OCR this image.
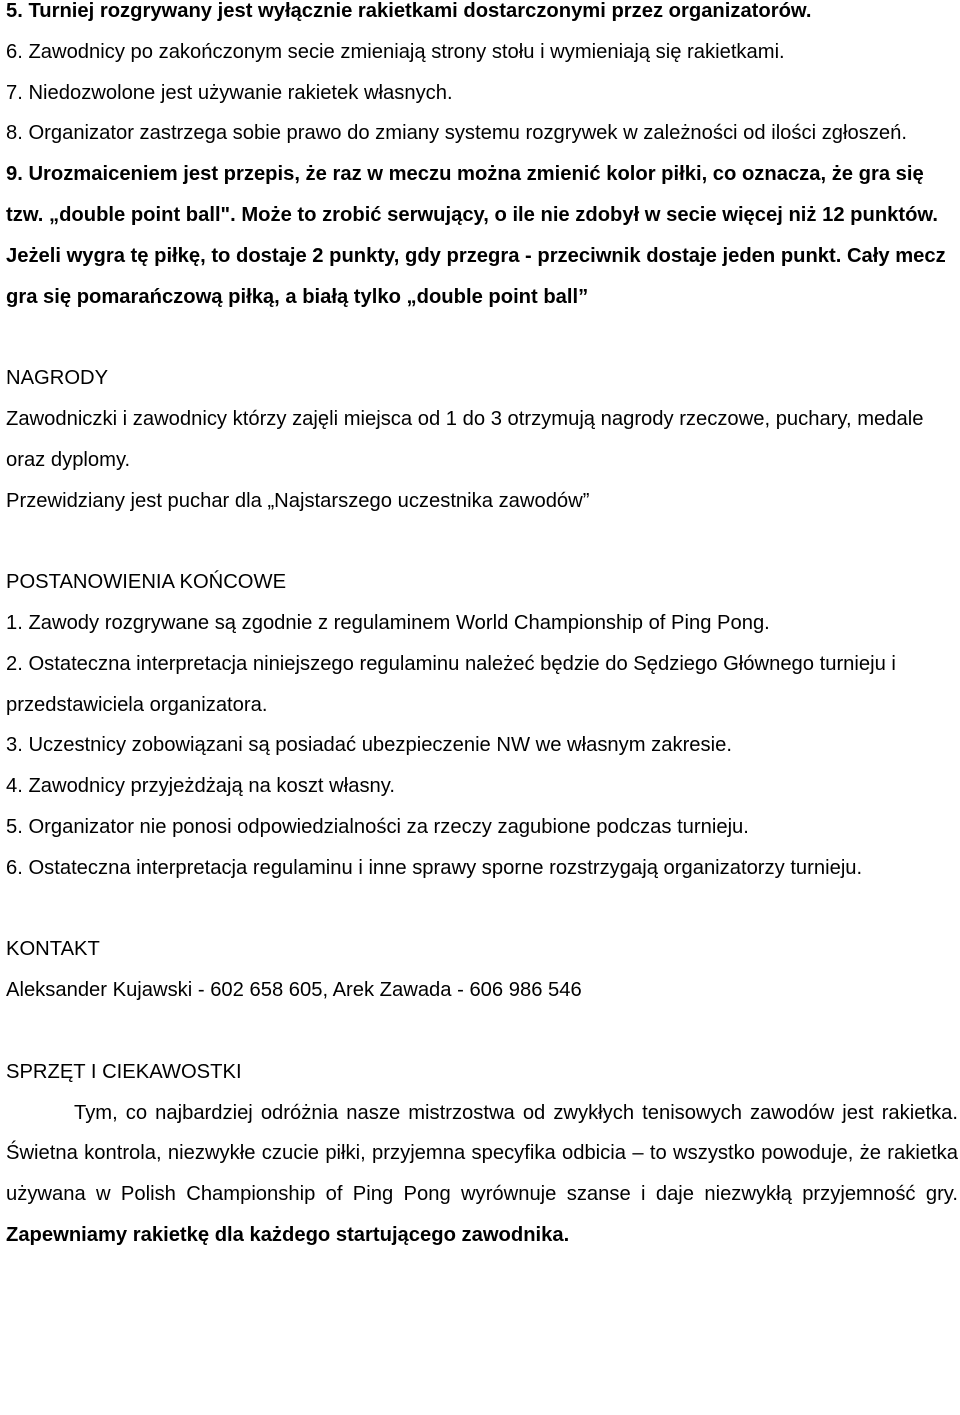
5. Turniej rozgrywany jest wyłącznie rakietkami dostarczonymi przez organizatorów.

6. Zawodnicy po zakończonym secie zmieniają strony stołu i wymieniają się rakietkami.

7. Niedozwolone jest używanie rakietek własnych.

8. Organizator zastrzega sobie prawo do zmiany systemu rozgrywek w zależności od ilości zgłoszeń.

9. Urozmaiceniem jest przepis, że raz w meczu można zmienić kolor piłki, co oznacza, że gra się tzw. „double point ball". Może to zrobić serwujący, o ile nie zdobył w secie więcej niż 12 punktów. Jeżeli wygra tę piłkę, to dostaje 2 punkty, gdy przegra - przeciwnik dostaje jeden punkt. Cały mecz gra się pomarańczową piłką, a białą tylko „double point ball”

NAGRODY

Zawodniczki i zawodnicy którzy zajęli miejsca od 1 do 3 otrzymują nagrody rzeczowe, puchary, medale oraz dyplomy.

Przewidziany jest puchar dla „Najstarszego uczestnika zawodów”

POSTANOWIENIA KOŃCOWE

1. Zawody rozgrywane są zgodnie z regulaminem World Championship of Ping Pong.

2. Ostateczna interpretacja niniejszego regulaminu należeć będzie do Sędziego Głównego turnieju i przedstawiciela organizatora.

3. Uczestnicy zobowiązani są posiadać ubezpieczenie NW we własnym zakresie.

4. Zawodnicy przyjeżdżają na koszt własny.

5. Organizator nie ponosi odpowiedzialności za rzeczy zagubione podczas turnieju.

6. Ostateczna interpretacja regulaminu i inne sprawy sporne rozstrzygają organizatorzy turnieju.

KONTAKT

Aleksander Kujawski - 602 658 605, Arek Zawada - 606 986 546

SPRZĘT I CIEKAWOSTKI

Tym, co najbardziej odróżnia nasze mistrzostwa od zwykłych tenisowych zawodów jest rakietka. Świetna kontrola, niezwykłe czucie piłki, przyjemna specyfika odbicia – to wszystko powoduje, że rakietka używana w Polish Championship of Ping Pong wyrównuje szanse i daje niezwykłą przyjemność gry. Zapewniamy rakietkę dla każdego startującego zawodnika.
